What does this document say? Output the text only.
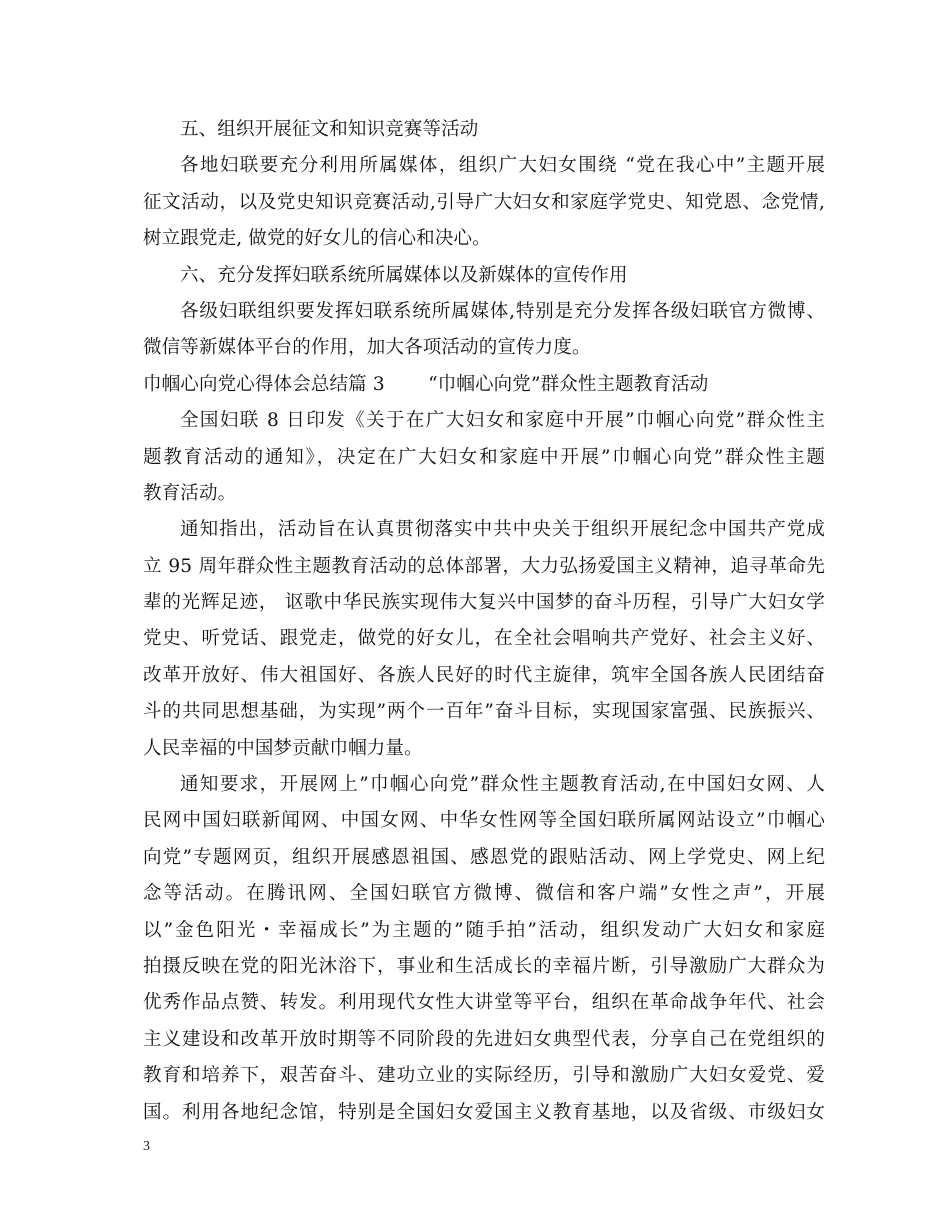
五、组织开展征文和知识竞赛等活动
各地妇联要充分利用所属媒体，组织广大妇女围绕 “党在我心中”主题开展
征文活动，以及党史知识竞赛活动,引导广大妇女和家庭学党史、知党恩、念党情,
树立跟党走, 做党的好女儿的信心和决心。
六、充分发挥妇联系统所属媒体以及新媒体的宣传作用
各级妇联组织要发挥妇联系统所属媒体,特别是充分发挥各级妇联官方微博、
微信等新媒体平台的作用，加大各项活动的宣传力度。
巾帼心向党心得体会总结篇 3　　 “巾帼心向党”群众性主题教育活动
全国妇联 8 日印发《关于在广大妇女和家庭中开展”巾帼心向党”群众性主
题教育活动的通知》，决定在广大妇女和家庭中开展”巾帼心向党”群众性主题
教育活动。
通知指出，活动旨在认真贯彻落实中共中央关于组织开展纪念中国共产党成
立 95 周年群众性主题教育活动的总体部署，大力弘扬爱国主义精神，追寻革命先
辈的光辉足迹， 讴歌中华民族实现伟大复兴中国梦的奋斗历程，引导广大妇女学
党史、听党话、跟党走，做党的好女儿，在全社会唱响共产党好、社会主义好、
改革开放好、伟大祖国好、各族人民好的时代主旋律，筑牢全国各族人民团结奋
斗的共同思想基础，为实现”两个一百年”奋斗目标，实现国家富强、民族振兴、
人民幸福的中国梦贡献巾帼力量。
通知要求，开展网上”巾帼心向党”群众性主题教育活动,在中国妇女网、人
民网中国妇联新闻网、中国女网、中华女性网等全国妇联所属网站设立”巾帼心
向党”专题网页，组织开展感恩祖国、感恩党的跟贴活动、网上学党史、网上纪
念等活动。在腾讯网、全国妇联官方微博、微信和客户端”女性之声”，开展
以”金色阳光・幸福成长”为主题的”随手拍”活动，组织发动广大妇女和家庭
拍摄反映在党的阳光沐浴下，事业和生活成长的幸福片断，引导激励广大群众为
优秀作品点赞、转发。利用现代女性大讲堂等平台，组织在革命战争年代、社会
主义建设和改革开放时期等不同阶段的先进妇女典型代表，分享自己在党组织的
教育和培养下，艰苦奋斗、建功立业的实际经历，引导和激励广大妇女爱党、爱
国。利用各地纪念馆，特别是全国妇女爱国主义教育基地，以及省级、市级妇女
3
